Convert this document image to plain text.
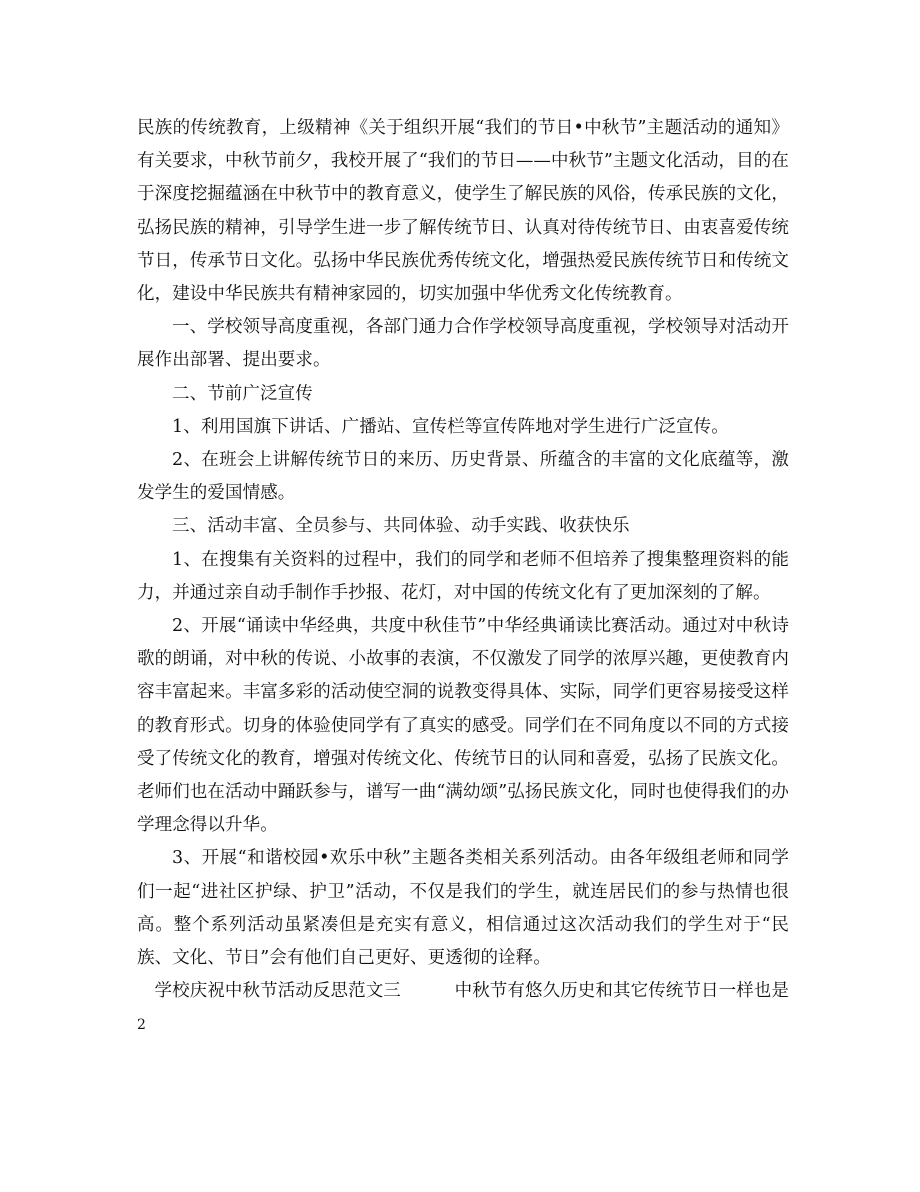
民族的传统教育，上级精神《关于组织开展“我们的节日•中秋节”主题活动的通知》有关要求，中秋节前夕，我校开展了“我们的节日——中秋节”主题文化活动，目的在于深度挖掘蕴涵在中秋节中的教育意义，使学生了解民族的风俗，传承民族的文化，弘扬民族的精神，引导学生进一步了解传统节日、认真对待传统节日、由衷喜爱传统节日，传承节日文化。弘扬中华民族优秀传统文化，增强热爱民族传统节日和传统文化，建设中华民族共有精神家园的，切实加强中华优秀文化传统教育。

一、学校领导高度重视，各部门通力合作学校领导高度重视，学校领导对活动开展作出部署、提出要求。

二、节前广泛宣传

1、利用国旗下讲话、广播站、宣传栏等宣传阵地对学生进行广泛宣传。

2、在班会上讲解传统节日的来历、历史背景、所蕴含的丰富的文化底蕴等，激发学生的爱国情感。

三、活动丰富、全员参与、共同体验、动手实践、收获快乐

1、在搜集有关资料的过程中，我们的同学和老师不但培养了搜集整理资料的能力，并通过亲自动手制作手抄报、花灯，对中国的传统文化有了更加深刻的了解。

2、开展“诵读中华经典，共度中秋佳节”中华经典诵读比赛活动。通过对中秋诗歌的朗诵，对中秋的传说、小故事的表演，不仅激发了同学的浓厚兴趣，更使教育内容丰富起来。丰富多彩的活动使空洞的说教变得具体、实际，同学们更容易接受这样的教育形式。切身的体验使同学有了真实的感受。同学们在不同角度以不同的方式接受了传统文化的教育，增强对传统文化、传统节日的认同和喜爱，弘扬了民族文化。老师们也在活动中踊跃参与，谱写一曲“满幼颂”弘扬民族文化，同时也使得我们的办学理念得以升华。

3、开展“和谐校园•欢乐中秋”主题各类相关系列活动。由各年级组老师和同学们一起“进社区护绿、护卫”活动，不仅是我们的学生，就连居民们的参与热情也很高。整个系列活动虽紧凑但是充实有意义，相信通过这次活动我们的学生对于“民族、文化、节日”会有他们自己更好、更透彻的诠释。

学校庆祝中秋节活动反思范文三	中秋节有悠久历史和其它传统节日一样也是
2
